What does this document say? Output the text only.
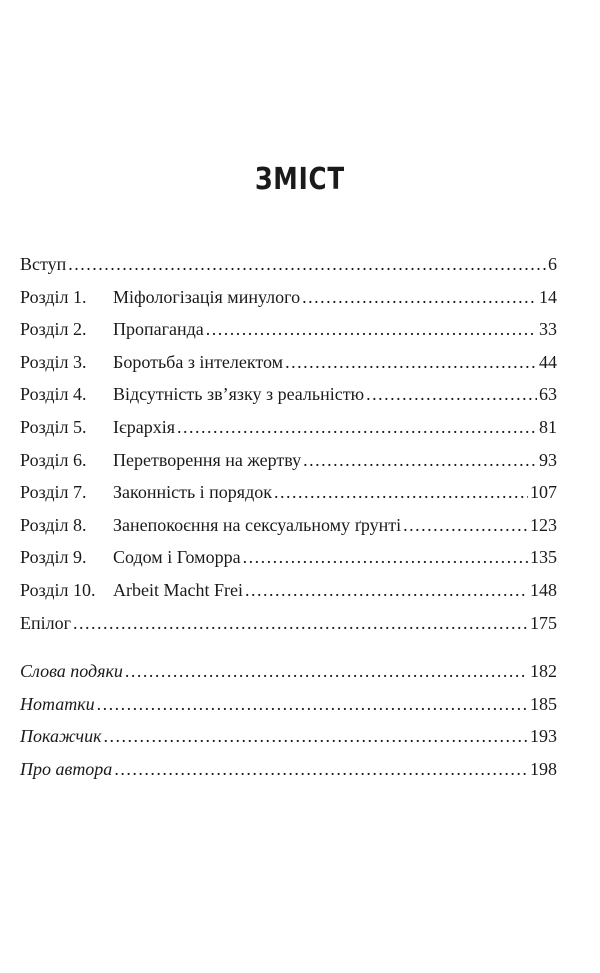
ЗМІСТ
Вступ .....	6
Розділ 1.	Міфологізація минулого .....	14
Розділ 2.	Пропаганда .....	33
Розділ 3.	Боротьба з інтелектом .....	44
Розділ 4.	Відсутність зв’язку з реальністю .....	63
Розділ 5.	Ієрархія .....	81
Розділ 6.	Перетворення на жертву .....	93
Розділ 7.	Законність і порядок .....	107
Розділ 8.	Занепокоєння на сексуальному ґрунті .....	123
Розділ 9.	Содом і Гоморра .....	135
Розділ 10. Arbeit Macht Frei .....	148
Епілог .....	175
Слова подяки .....	182
Нотатки .....	185
Покажчик .....	193
Про автора .....	198
